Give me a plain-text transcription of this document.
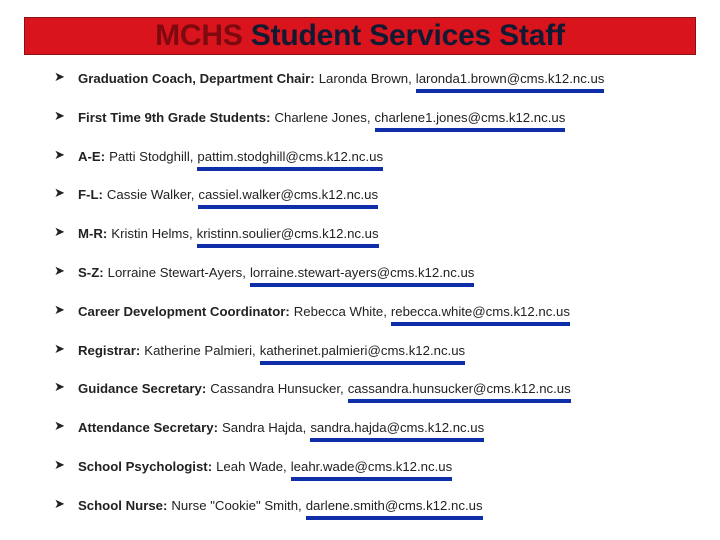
MCHS Student Services Staff
➤ Graduation Coach, Department Chair: Laronda Brown, laronda1.brown@cms.k12.nc.us
➤ First Time 9th Grade Students: Charlene Jones, charlene1.jones@cms.k12.nc.us
➤ A-E: Patti Stodghill, pattim.stodghill@cms.k12.nc.us
➤ F-L: Cassie Walker, cassiel.walker@cms.k12.nc.us
➤ M-R: Kristin Helms, kristinn.soulier@cms.k12.nc.us
➤ S-Z: Lorraine Stewart-Ayers, lorraine.stewart-ayers@cms.k12.nc.us
➤ Career Development Coordinator: Rebecca White, rebecca.white@cms.k12.nc.us
➤ Registrar: Katherine Palmieri, katherinet.palmieri@cms.k12.nc.us
➤ Guidance Secretary: Cassandra Hunsucker, cassandra.hunsucker@cms.k12.nc.us
➤ Attendance Secretary: Sandra Hajda, sandra.hajda@cms.k12.nc.us
➤ School Psychologist: Leah Wade, leahr.wade@cms.k12.nc.us
➤ School Nurse: Nurse "Cookie" Smith, darlene.smith@cms.k12.nc.us
